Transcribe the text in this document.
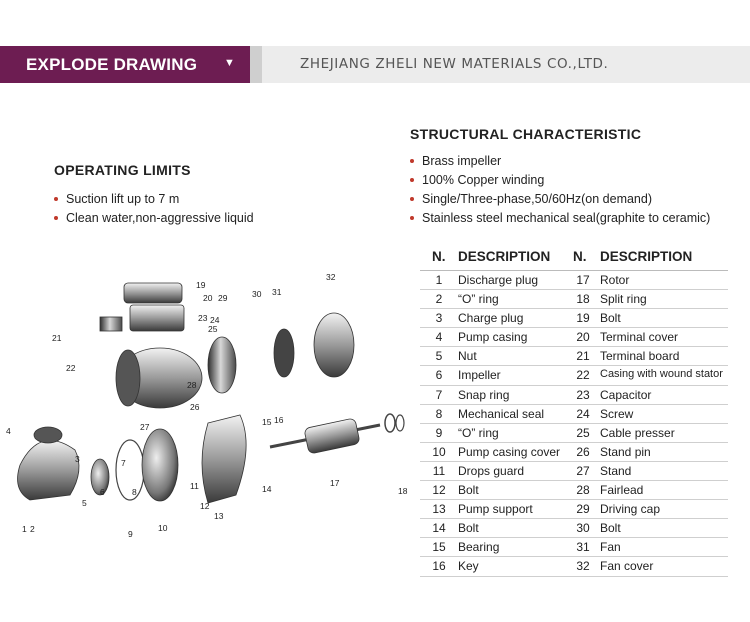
EXPLODE DRAWING ▼	ZHEJIANG ZHELI NEW MATERIALS CO.,LTD.
STRUCTURAL CHARACTERISTIC
Brass impeller
100% Copper winding
Single/Three-phase,50/60Hz(on demand)
Stainless steel mechanical seal(graphite to ceramic)
OPERATING LIMITS
Suction lift up to 7 m
Clean water,non-aggressive liquid
N. DESCRIPTION N. DESCRIPTION
1	Discharge plug	17 Rotor
2	“O” ring	18 Split ring
3	Charge plug	19 Bolt
4	Pump casing	20 Terminal cover
5	Nut	21 Terminal board
6	Impeller	22 Casing with wound stator
7	Snap ring	23 Capacitor
8	Mechanical seal	24 Screw
9	“O” ring	25 Cable presser
10 Pump casing cover 26 Stand pin
11 Drops guard	27 Stand
12 Bolt	28 Fairlead
13 Pump support	29 Driving cap
14 Bolt	30 Bolt
15 Bearing	31 Fan
16 Key	32 Fan cover
1 2
3
4
5
6
7
8
9
10
11
12
13
14
15 16
17
18
19
20
21
22
23 24
25
26
27
28
29	30 31
32
